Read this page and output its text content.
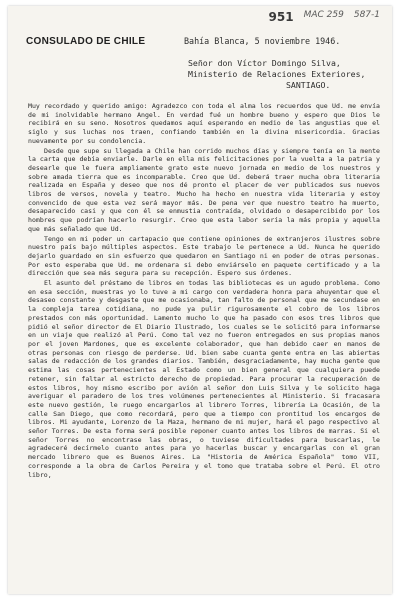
951 MAC 259 587-1
CONSULADO DE CHILE	Bahía Blanca, 5 noviembre 1946.
Señor don Víctor Domingo Silva,
Ministerio de Relaciones Exteriores,
SANTIAGO.

Muy recordado y querido amigo: Agradezco con toda el alma los recuerdos que Ud. me envía de mi inolvidable hermano Angel. En verdad fué un hombre bueno y espero que Dios le recibirá en su seno. Nosotros quedamos aquí esperando en medio de las angustias que el siglo y sus luchas nos traen, confiando también en la divina misericordia. Gracias nuevamente por su condolencia.

Desde que supe su llegada a Chile han corrido muchos días y siempre tenía en la mente la carta que debía enviarle. Darle en ella mis felicitaciones por la vuelta a la patria y desearle que le fuera ampliamente grato este nuevo jornada en medio de los nuestros y sobre amada tierra que es incomparable. Creo que Ud. deberá traer mucha obra literaria realizada en España y deseo que nos dé pronto el placer de ver publicados sus nuevos libros de versos, novela y teatro. Mucho ha hecho en nuestra vida literaria y estoy convencido de que esta vez será mayor más. De pena ver que nuestro teatro ha muerto, desaparecido casi y que con él se enmustia contraída, olvidado o desapercibido por los hombres que podrían hacerlo resurgir. Creo que esta labor sería la más propia y aquella que más señalado que Ud.

Tengo en mi poder un cartapacio que contiene opiniones de extranjeros ilustres sobre nuestro país bajo múltiples aspectos. Este trabajo le pertenece a Ud. Nunca he querido dejarlo guardado en sin esfuerzo que quedaron en Santiago ni en poder de otras personas. Por esto esperaba que Ud. me ordenara si debo enviárselo en paquete certificado y a la dirección que sea más segura para su recepción. Espero sus órdenes.

El asunto del préstamo de libros en todas las bibliotecas es un agudo problema. Como en esa sección, muestras yo lo tuve a mi cargo con verdadera honra para ahuyentar que el desaseo constante y desgaste que me ocasionaba, tan falto de personal que me secundase en la compleja tarea cotidiana, no pude ya pulir rigurosamente el cobro de los libros prestados con más oportunidad. Lamento mucho lo que ha pasado con esos tres libros que pidió el señor director de El Diario Ilustrado, los cuales se le solicitó para informarse en un viaje que realizó al Perú. Como tal vez no fueron entregados en sus propias manos por el joven Mardones, que es excelente colaborador, que han debido caer en manos de otras personas con riesgo de perderse. Ud. bien sabe cuanta gente entra en las abiertas salas de redacción de los grandes diarios. También, desgraciadamente, hay mucha gente que estima las cosas pertenecientes al Estado como un bien general que cualquiera puede retener, sin faltar al estricto derecho de propiedad. Para procurar la recuperación de estos libros, hoy mismo escribo por avión al señor don Luis Silva y le solicito haga averiguar el paradero de los tres volúmenes pertenecientes al Ministerio. Si fracasara este nuevo gestión, le ruego encargarlos al librero Torres, librería La Ocasión, de la calle San Diego, que como recordará, pero que a tiempo con prontitud los encargos de libros. Mi ayudante, Lorenzo de la Maza, hermano de mi mujer, hará el pago respectivo al señor Torres. De esta forma será posible reponer cuanto antes los libros de marras. Si el señor Torres no encontrase las obras, o tuviese dificultades para buscarlas, le agradeceré decírmelo cuanto antes para yo hacerlas buscar y encargarlas con el gran mercado librero que es Buenos Aires. La "Historia de América Española" tomo VII, corresponde a la obra de Carlos Pereira y el tomo que trataba sobre el Perú. El otro libro,
